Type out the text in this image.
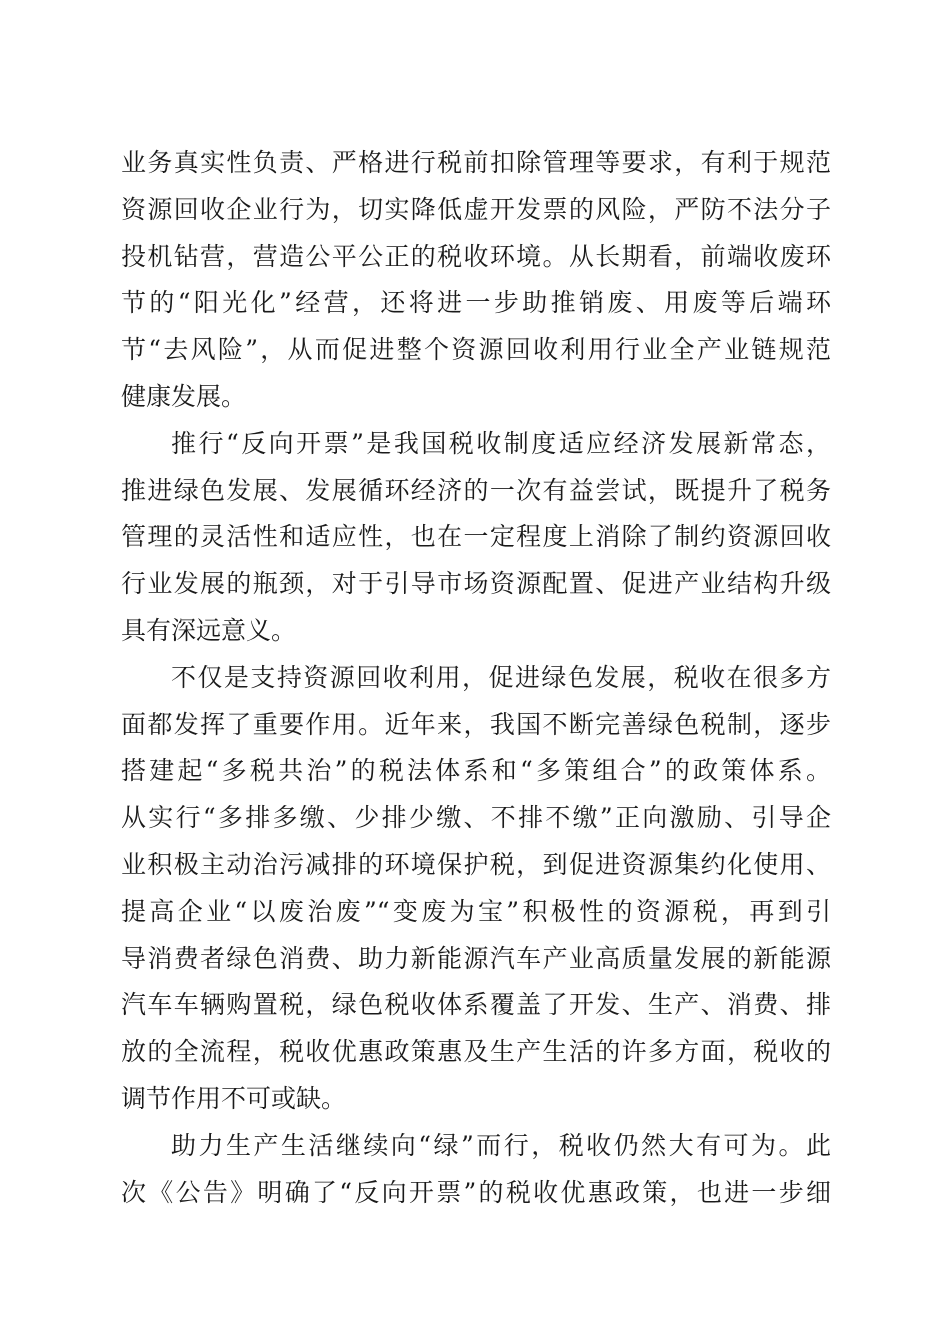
业务真实性负责、严格进行税前扣除管理等要求，有利于规范
资源回收企业行为，切实降低虚开发票的风险，严防不法分子
投机钻营，营造公平公正的税收环境。从长期看，前端收废环
节的“阳光化”经营，还将进一步助推销废、用废等后端环
节“去风险”，从而促进整个资源回收利用行业全产业链规范
健康发展。
推行“反向开票”是我国税收制度适应经济发展新常态，
推进绿色发展、发展循环经济的一次有益尝试，既提升了税务
管理的灵活性和适应性，也在一定程度上消除了制约资源回收
行业发展的瓶颈，对于引导市场资源配置、促进产业结构升级
具有深远意义。
不仅是支持资源回收利用，促进绿色发展，税收在很多方
面都发挥了重要作用。近年来，我国不断完善绿色税制，逐步
搭建起“多税共治”的税法体系和“多策组合”的政策体系。
从实行“多排多缴、少排少缴、不排不缴”正向激励、引导企
业积极主动治污减排的环境保护税，到促进资源集约化使用、
提高企业“以废治废”“变废为宝”积极性的资源税，再到引
导消费者绿色消费、助力新能源汽车产业高质量发展的新能源
汽车车辆购置税，绿色税收体系覆盖了开发、生产、消费、排
放的全流程，税收优惠政策惠及生产生活的许多方面，税收的
调节作用不可或缺。
助力生产生活继续向“绿”而行，税收仍然大有可为。此
次《公告》明确了“反向开票”的税收优惠政策，也进一步细
